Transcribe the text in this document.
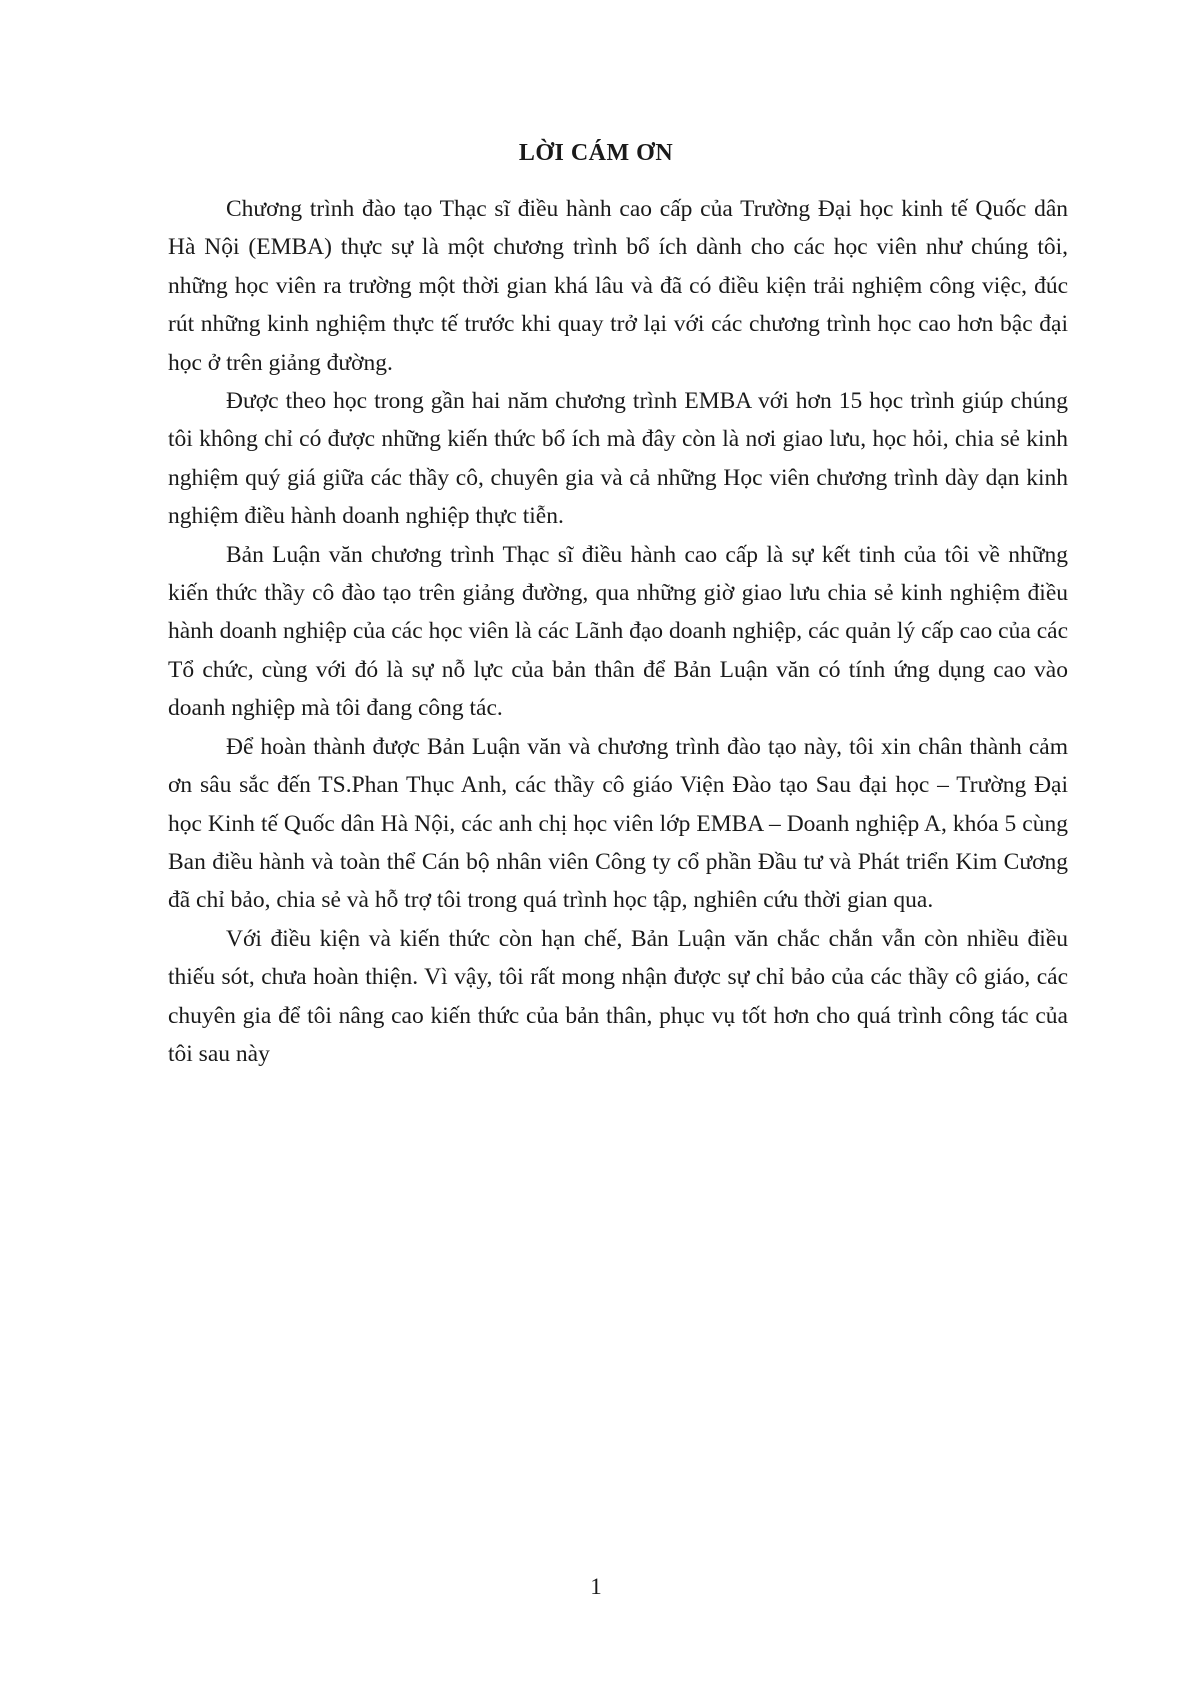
LỜI CÁM ƠN

Chương trình đào tạo Thạc sĩ điều hành cao cấp của Trường Đại học kinh tế Quốc dân Hà Nội (EMBA) thực sự là một chương trình bổ ích dành cho các học viên như chúng tôi, những học viên ra trường một thời gian khá lâu và đã có điều kiện trải nghiệm công việc, đúc rút những kinh nghiệm thực tế trước khi quay trở lại với các chương trình học cao hơn bậc đại học ở trên giảng đường.

Được theo học trong gần hai năm chương trình EMBA với hơn 15 học trình giúp chúng tôi không chỉ có được những kiến thức bổ ích mà đây còn là nơi giao lưu, học hỏi, chia sẻ kinh nghiệm quý giá giữa các thầy cô, chuyên gia và cả những Học viên chương trình dày dạn kinh nghiệm điều hành doanh nghiệp thực tiễn.

Bản Luận văn chương trình Thạc sĩ điều hành cao cấp là sự kết tinh của tôi về những kiến thức thầy cô đào tạo trên giảng đường, qua những giờ giao lưu chia sẻ kinh nghiệm điều hành doanh nghiệp của các học viên là các Lãnh đạo doanh nghiệp, các quản lý cấp cao của các Tổ chức, cùng với đó là sự nỗ lực của bản thân để Bản Luận văn có tính ứng dụng cao vào doanh nghiệp mà tôi đang công tác.

Để hoàn thành được Bản Luận văn và chương trình đào tạo này, tôi xin chân thành cảm ơn sâu sắc đến TS.Phan Thục Anh, các thầy cô giáo Viện Đào tạo Sau đại học – Trường Đại học Kinh tế Quốc dân Hà Nội, các anh chị học viên lớp EMBA – Doanh nghiệp A, khóa 5 cùng Ban điều hành và toàn thể Cán bộ nhân viên Công ty cổ phần Đầu tư và Phát triển Kim Cương đã chỉ bảo, chia sẻ và hỗ trợ tôi trong quá trình học tập, nghiên cứu thời gian qua.

Với điều kiện và kiến thức còn hạn chế, Bản Luận văn chắc chắn vẫn còn nhiều điều thiếu sót, chưa hoàn thiện. Vì vậy, tôi rất mong nhận được sự chỉ bảo của các thầy cô giáo, các chuyên gia để tôi nâng cao kiến thức của bản thân, phục vụ tốt hơn cho quá trình công tác của tôi sau này

1
